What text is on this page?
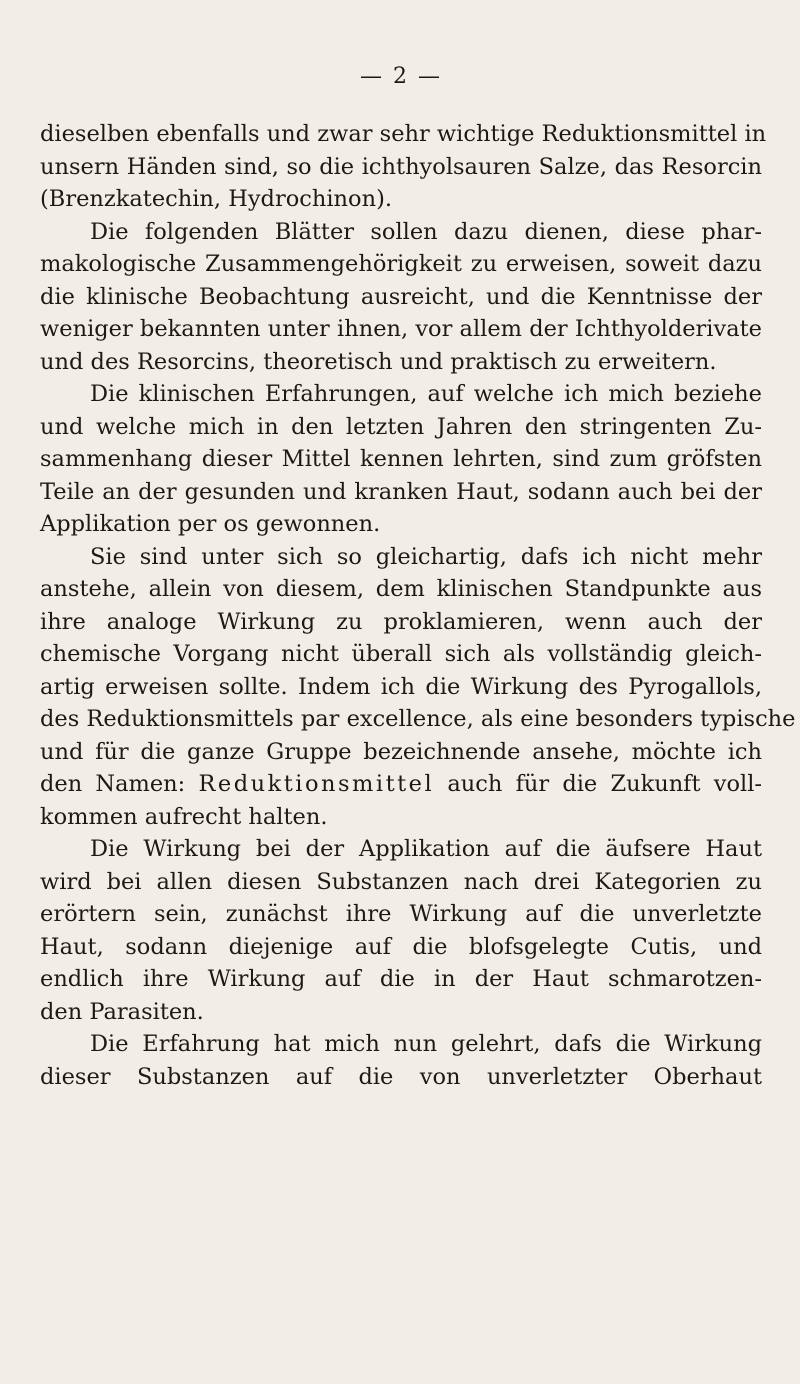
— 2 —

dieselben ebenfalls und zwar sehr wichtige Reduktionsmittel in
unsern Händen sind, so die ichthyolsauren Salze, das Resorcin
(Brenzkatechin, Hydrochinon).

Die folgenden Blätter sollen dazu dienen, diese phar-
makologische Zusammengehörigkeit zu erweisen, soweit dazu
die klinische Beobachtung ausreicht, und die Kenntnisse der
weniger bekannten unter ihnen, vor allem der Ichthyolderivate
und des Resorcins, theoretisch und praktisch zu erweitern.

Die klinischen Erfahrungen, auf welche ich mich beziehe
und welche mich in den letzten Jahren den stringenten Zu-
sammenhang dieser Mittel kennen lehrten, sind zum gröfsten
Teile an der gesunden und kranken Haut, sodann auch bei der
Applikation per os gewonnen.

Sie sind unter sich so gleichartig, dafs ich nicht mehr
anstehe, allein von diesem, dem klinischen Standpunkte aus
ihre analoge Wirkung zu proklamieren, wenn auch der
chemische Vorgang nicht überall sich als vollständig gleich-
artig erweisen sollte. Indem ich die Wirkung des Pyrogallols,
des Reduktionsmittels par excellence, als eine besonders typische
und für die ganze Gruppe bezeichnende ansehe, möchte ich
den Namen: Reduktionsmittel auch für die Zukunft voll-
kommen aufrecht halten.

Die Wirkung bei der Applikation auf die äufsere Haut
wird bei allen diesen Substanzen nach drei Kategorien zu
erörtern sein, zunächst ihre Wirkung auf die unverletzte
Haut, sodann diejenige auf die blofsgelegte Cutis, und
endlich ihre Wirkung auf die in der Haut schmarotzen-
den Parasiten.

Die Erfahrung hat mich nun gelehrt, dafs die Wirkung
dieser Substanzen auf die von unverletzter Oberhaut
